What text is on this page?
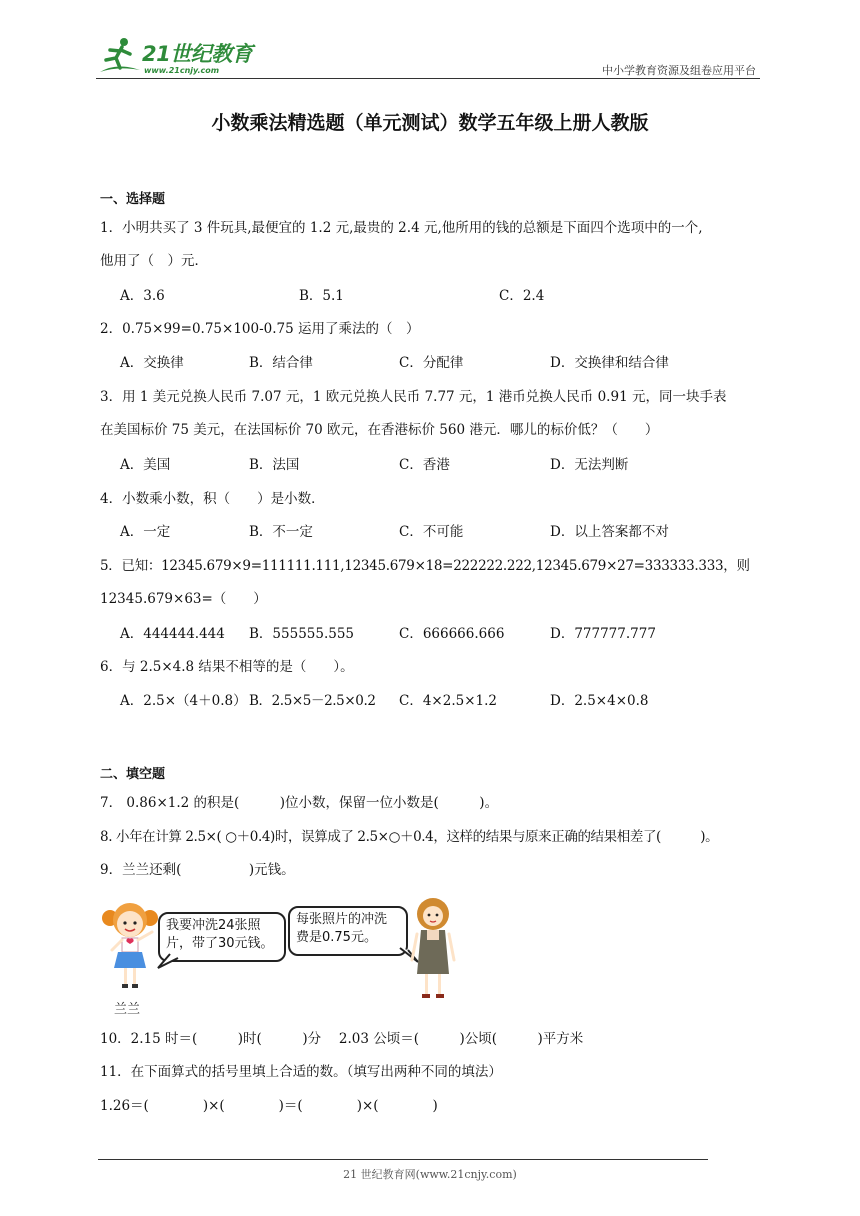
21世纪教育
www.21cnjy.com	中小学教育资源及组卷应用平台
小数乘法精选题（单元测试）数学五年级上册人教版
一、选择题
1．小明共买了 3 件玩具,最便宜的 1.2 元,最贵的 2.4 元,他所用的钱的总额是下面四个选项中的一个,
他用了（　）元．
A．3.6	B．5.1	C．2.4
2．0.75×99=0.75×100-0.75 运用了乘法的（　）
A．交换律	B．结合律	C．分配律	D．交换律和结合律
3．用 1 美元兑换人民币 7.07 元，1 欧元兑换人民币 7.77 元，1 港币兑换人民币 0.91 元，同一块手表
在美国标价 75 美元，在法国标价 70 欧元，在香港标价 560 港元．哪儿的标价低？（　　）
A．美国	B．法国	C．香港	D．无法判断
4．小数乘小数，积（　　）是小数．
A．一定	B．不一定	C．不可能	D．以上答案都不对
5．已知：12345.679×9=111111.111,12345.679×18=222222.222,12345.679×27=333333.333，则
12345.679×63=（　　）
A．444444.444 B．555555.555	C．666666.666	D．777777.777
6．与 2.5×4.8 结果不相等的是（　　）。
A．2.5×（4＋0.8） B．2.5×5－2.5×0.2 C．4×2.5×1.2	D．2.5×4×0.8
二、填空题
7． 0.86×1.2 的积是(　　　)位小数，保留一位小数是(　　　)。
8. 小年在计算 2.5×( ○＋0.4)时，误算成了 2.5×○＋0.4，这样的结果与原来正确的结果相差了(　　　)。
9．兰兰还剩(　　　　　)元钱。
我要冲洗24张照
片，带了30元钱。
每张照片的冲洗
费是0.75元。
兰兰
10．2.15 时＝(　　　)时(　　　)分　 2.03 公顷＝(　　　)公顷(　　　)平方米
11．在下面算式的括号里填上合适的数。（填写出两种不同的填法）
1.26＝(　　　　)×(　　　　)＝(　　　　)×(　　　　)
21 世纪教育网(www.21cnjy.com)
